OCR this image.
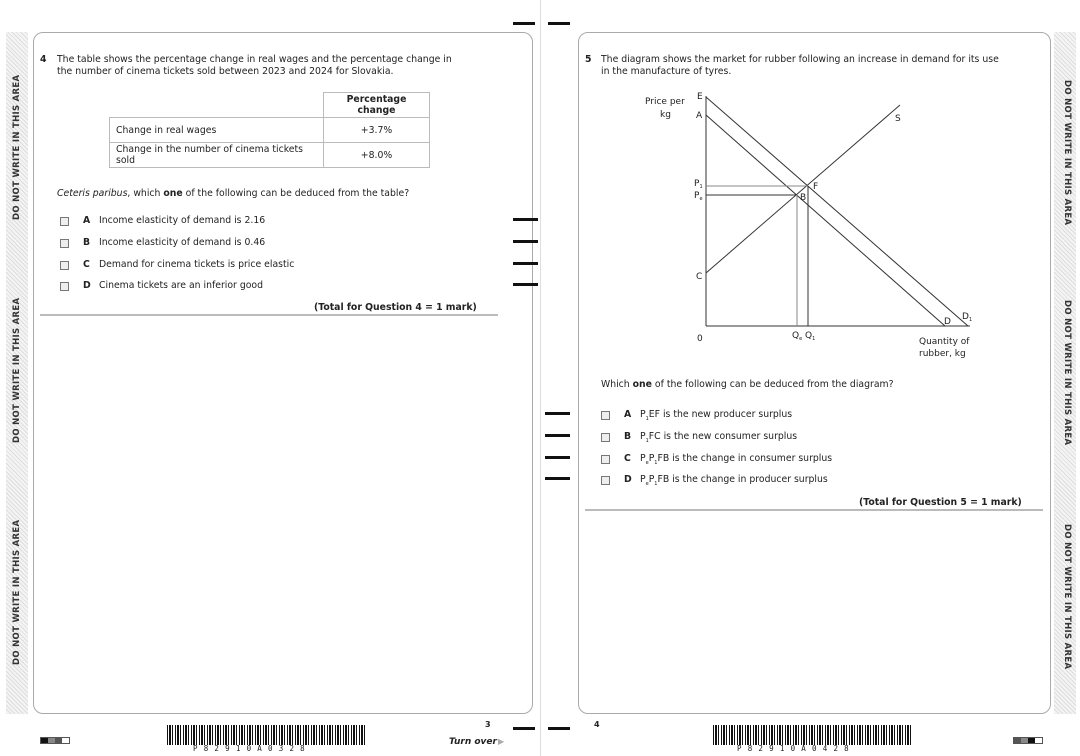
DO NOT WRITE IN THIS AREA
DO NOT WRITE IN THIS AREA
DO NOT WRITE IN THIS AREA
DO NOT WRITE IN THIS AREA
DO NOT WRITE IN THIS AREA
DO NOT WRITE IN THIS AREA
4 The table shows the percentage change in real wages and the percentage change in
the number of cinema tickets sold between 2023 and 2024 for Slovakia.
	Percentage change
Change in real wages	+3.7%
Change in the number of cinema tickets sold	+8.0%
Ceteris paribus, which one of the following can be deduced from the table?
A Income elasticity of demand is 2.16
B Income elasticity of demand is 0.46
C Demand for cinema tickets is price elastic
D Cinema tickets are an inferior good
(Total for Question 4 = 1 mark)
5 The diagram shows the market for rubber following an increase in demand for its use
in the manufacture of tyres.
Price per
kg
E
A
C
$P_1$
$P_e$	B
F
S
D $D_1$
0	$Q_e$ $Q_1$	Quantity of
rubber, kg
Which one of the following can be deduced from the diagram?
A $P_1EF$ is the new producer surplus
B $P_1FC$ is the new consumer surplus
C $P_eP_1FB$ is the change in consumer surplus
D $P_eP_1FB$ is the change in producer surplus
(Total for Question 5 = 1 mark)
P82910A0328
3
Turn over ▶
4
P82910A0428
